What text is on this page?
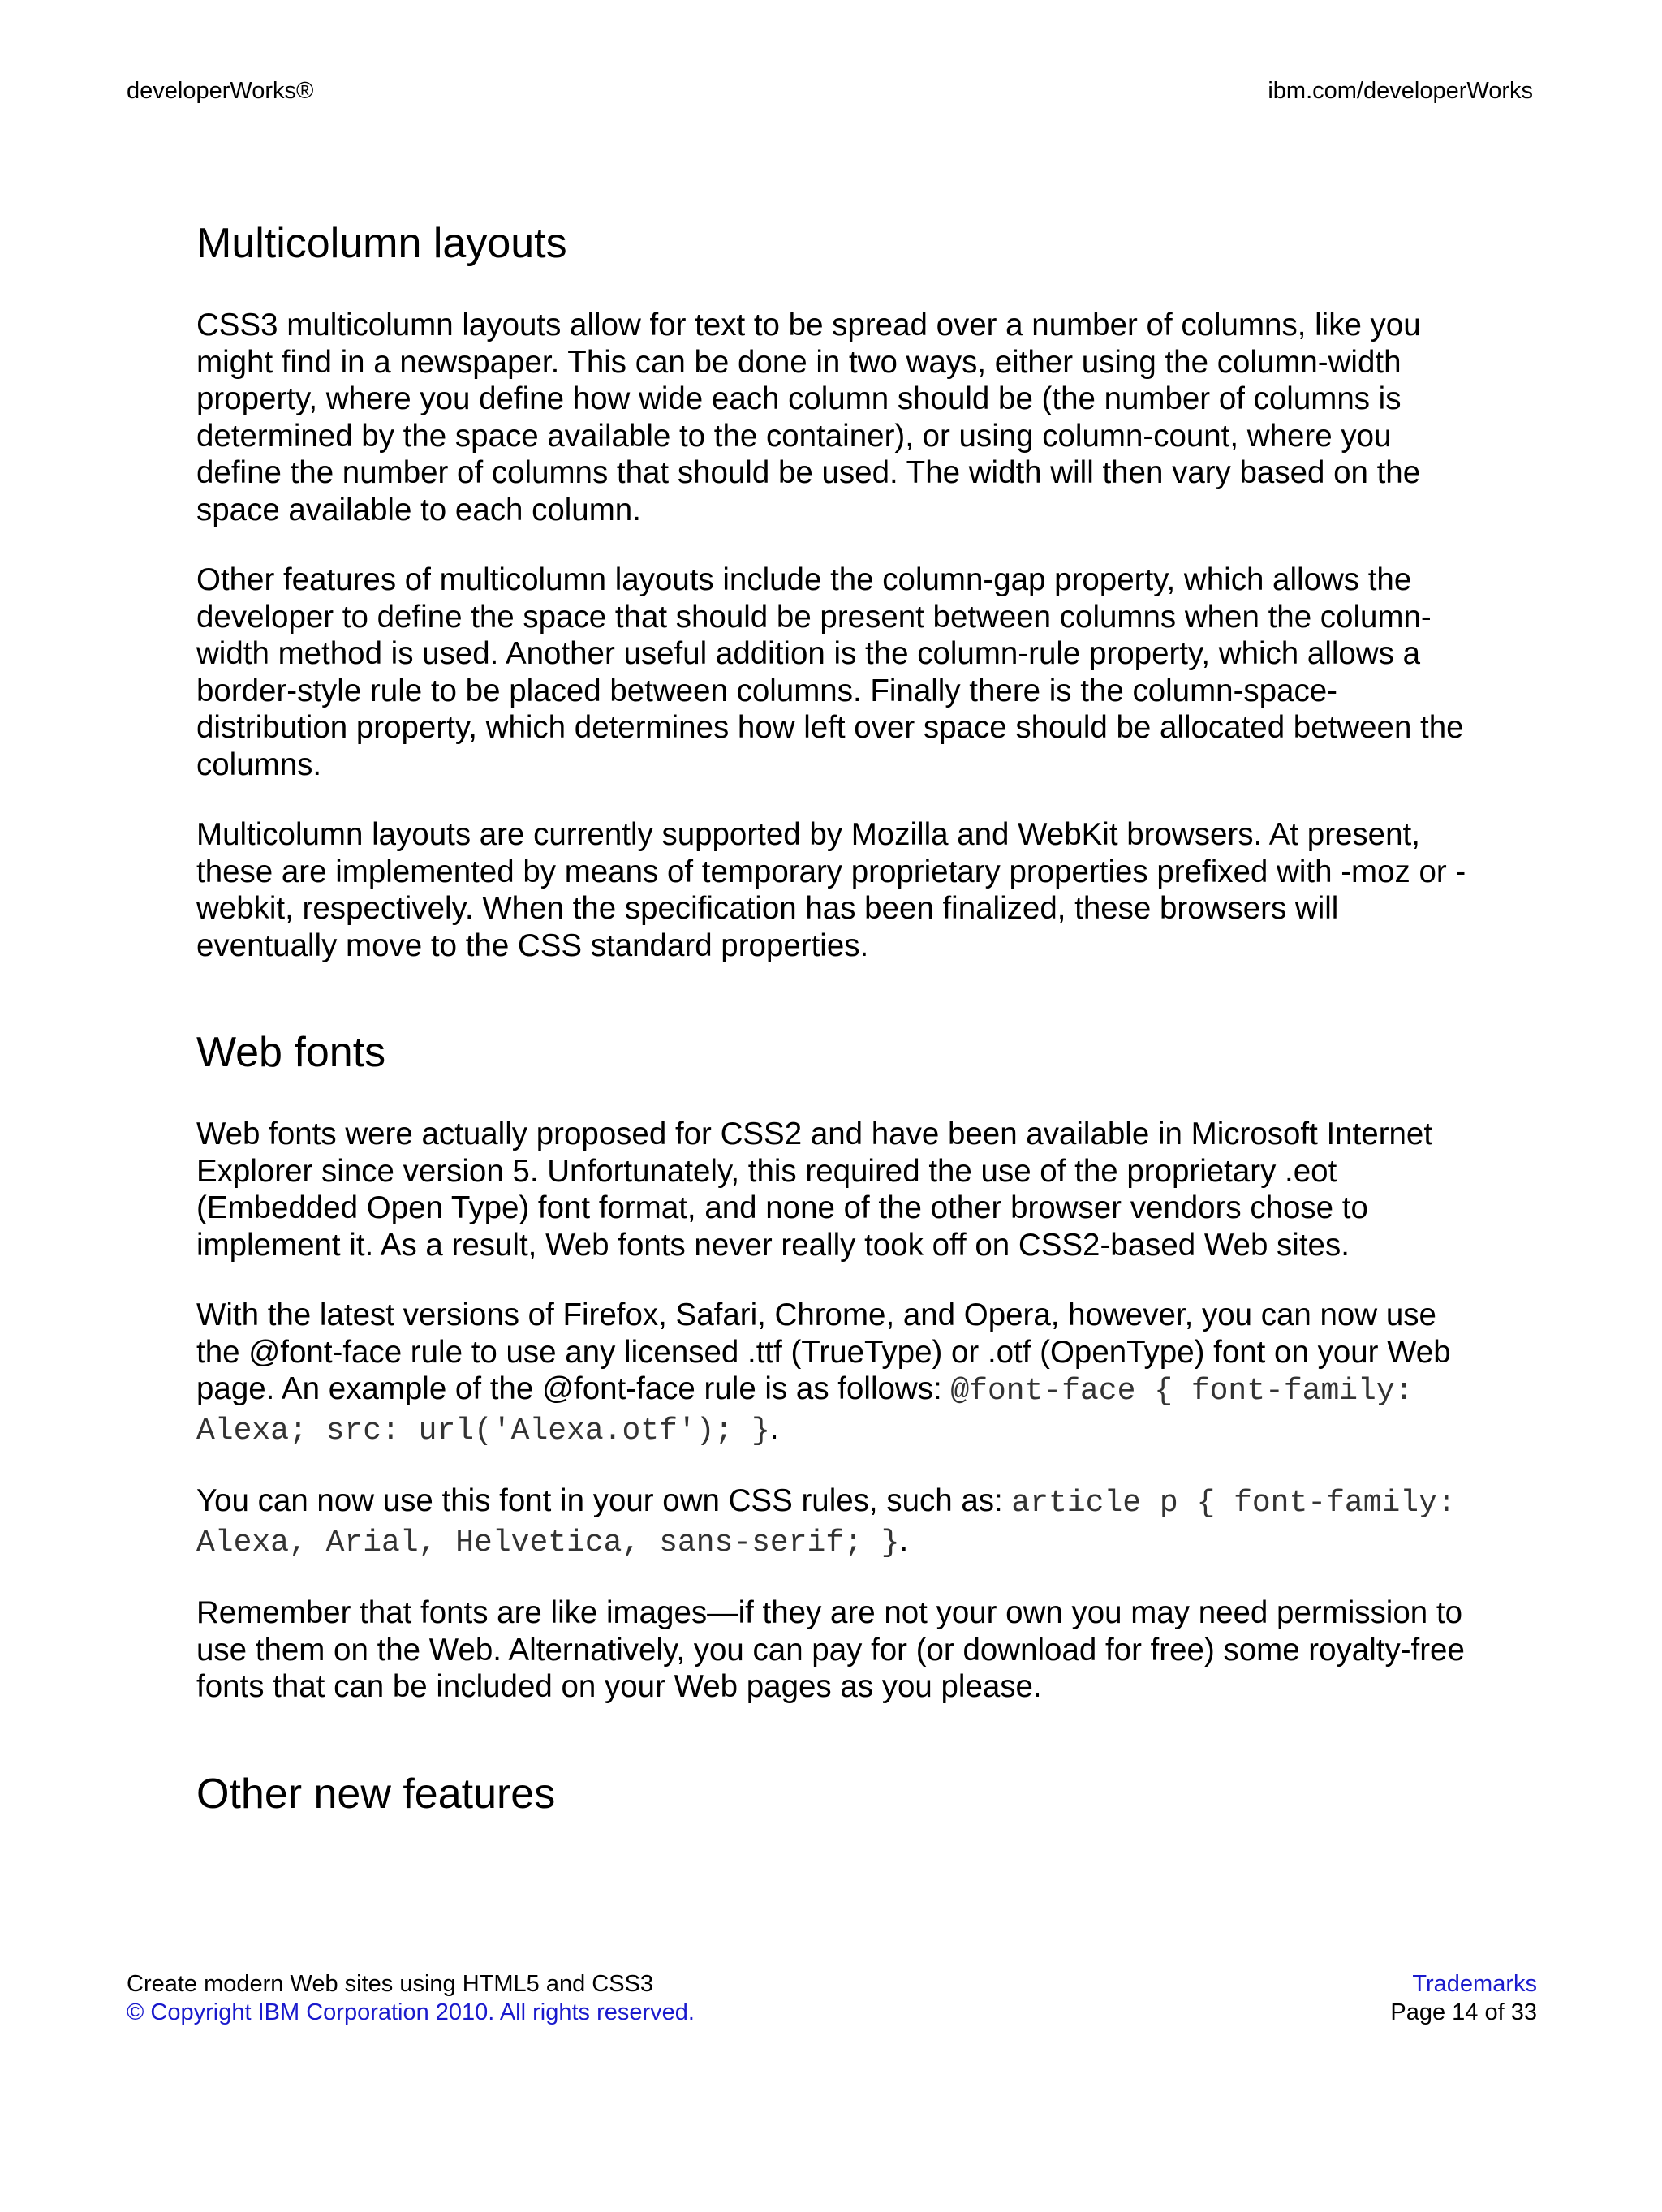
developerWorks®	ibm.com/developerWorks
Multicolumn layouts

CSS3 multicolumn layouts allow for text to be spread over a number of columns, like you might find in a newspaper. This can be done in two ways, either using the column-width property, where you define how wide each column should be (the number of columns is determined by the space available to the container), or using column-count, where you define the number of columns that should be used. The width will then vary based on the space available to each column.

Other features of multicolumn layouts include the column-gap property, which allows the developer to define the space that should be present between columns when the column-width method is used. Another useful addition is the column-rule property, which allows a border-style rule to be placed between columns. Finally there is the column-space-distribution property, which determines how left over space should be allocated between the columns.

Multicolumn layouts are currently supported by Mozilla and WebKit browsers. At present, these are implemented by means of temporary proprietary properties prefixed with -moz or -webkit, respectively. When the specification has been finalized, these browsers will eventually move to the CSS standard properties.

Web fonts

Web fonts were actually proposed for CSS2 and have been available in Microsoft Internet Explorer since version 5. Unfortunately, this required the use of the proprietary .eot (Embedded Open Type) font format, and none of the other browser vendors chose to implement it. As a result, Web fonts never really took off on CSS2-based Web sites.

With the latest versions of Firefox, Safari, Chrome, and Opera, however, you can now use the @font-face rule to use any licensed .ttf (TrueType) or .otf (OpenType) font on your Web page. An example of the @font-face rule is as follows: @font-face { font-family: Alexa; src: url('Alexa.otf'); }.

You can now use this font in your own CSS rules, such as: article p { font-family: Alexa, Arial, Helvetica, sans-serif; }.

Remember that fonts are like images—if they are not your own you may need permission to use them on the Web. Alternatively, you can pay for (or download for free) some royalty-free fonts that can be included on your Web pages as you please.

Other new features
Create modern Web sites using HTML5 and CSS3	Trademarks
© Copyright IBM Corporation 2010. All rights reserved.	Page 14 of 33
